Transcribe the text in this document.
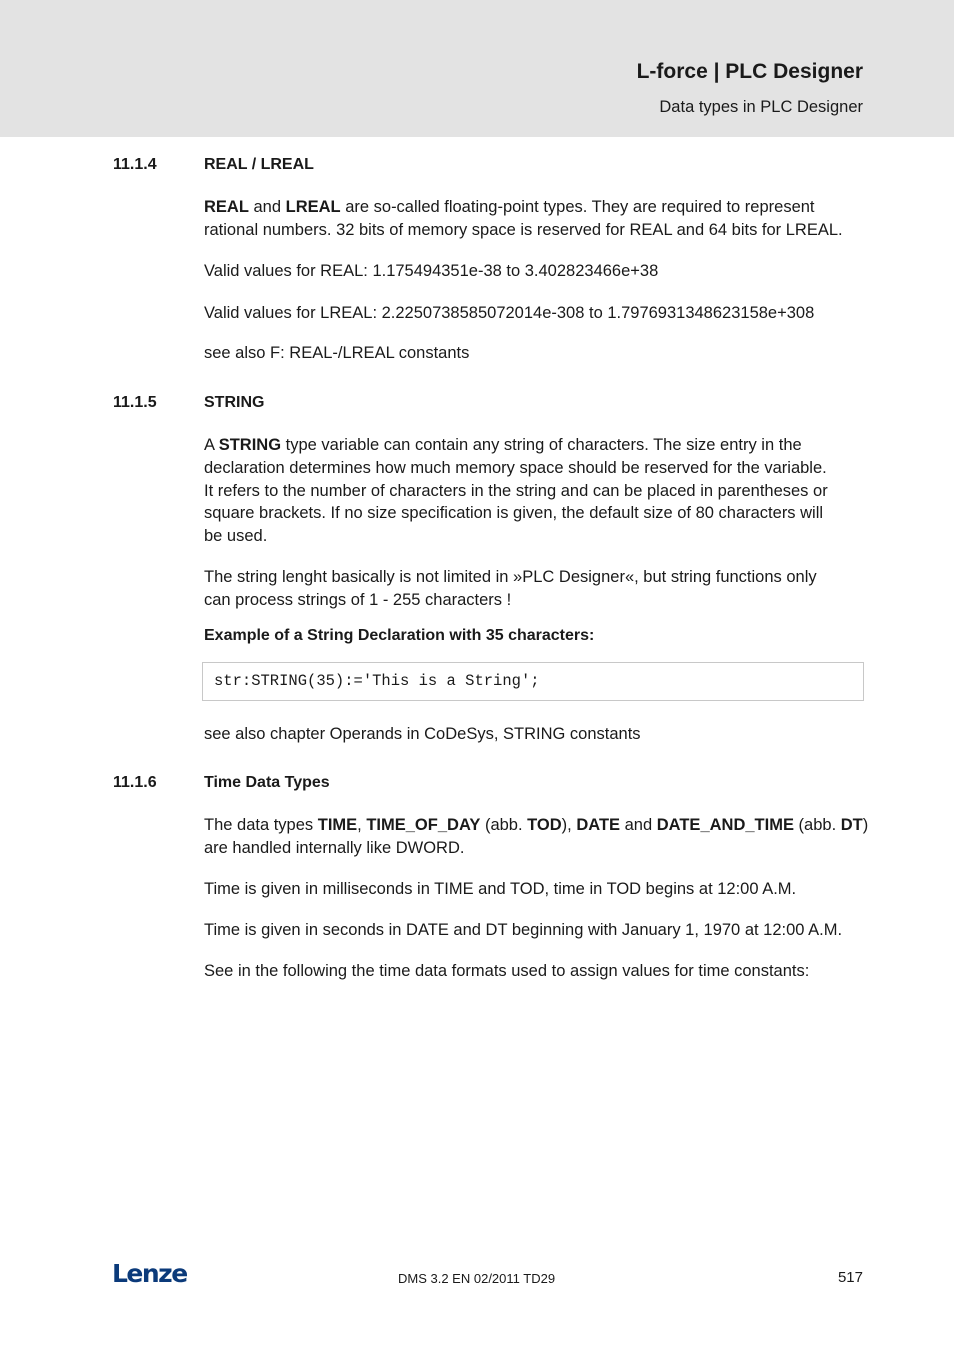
L-force | PLC Designer
Data types in PLC Designer
11.1.4	REAL / LREAL
REAL and LREAL are so-called floating-point types. They are required to represent
rational numbers. 32 bits of memory space is reserved for REAL and 64 bits for LREAL.
Valid values for REAL: 1.175494351e-38 to 3.402823466e+38
Valid values for LREAL: 2.2250738585072014e-308 to 1.7976931348623158e+308
see also F: REAL-/LREAL constants
11.1.5	STRING
A STRING type variable can contain any string of characters. The size entry in the
declaration determines how much memory space should be reserved for the variable.
It refers to the number of characters in the string and can be placed in parentheses or
square brackets. If no size specification is given, the default size of 80 characters will
be used.
The string lenght basically is not limited in »PLC Designer«, but string functions only
can process strings of 1 - 255 characters !
Example of a String Declaration with 35 characters:
str:STRING(35):='This is a String';
see also chapter Operands in CoDeSys, STRING constants
11.1.6	Time Data Types
The data types TIME, TIME_OF_DAY (abb. TOD), DATE and DATE_AND_TIME (abb. DT)
are handled internally like DWORD.
Time is given in milliseconds in TIME and TOD, time in TOD begins at 12:00 A.M.
Time is given in seconds in DATE and DT beginning with January 1, 1970 at 12:00 A.M.
See in the following the time data formats used to assign values for time constants:
Lenze	DMS 3.2 EN 02/2011 TD29	517
